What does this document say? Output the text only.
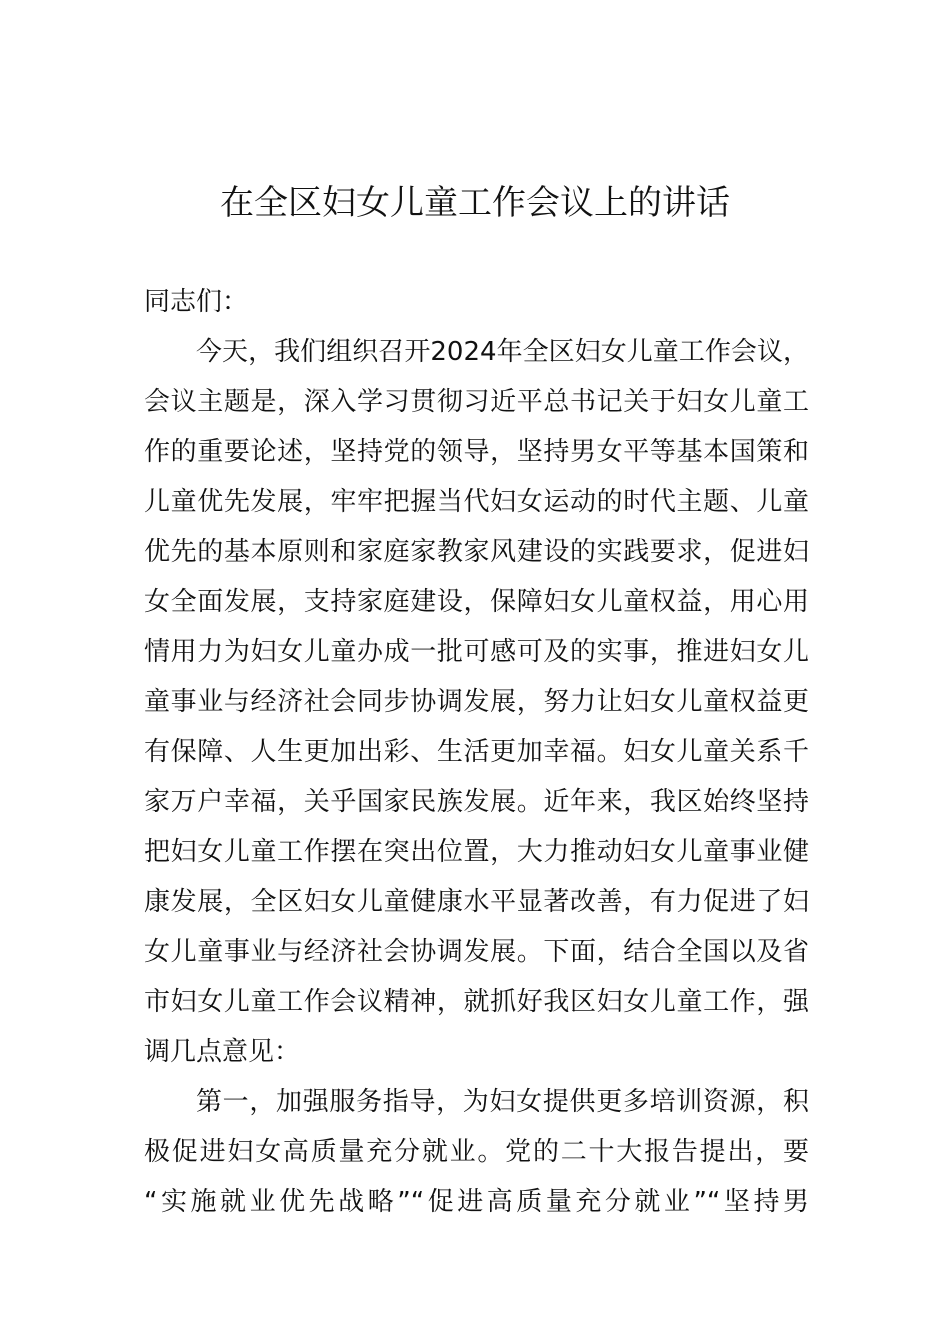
在全区妇女儿童工作会议上的讲话
同志们：
今天，我们组织召开2024年全区妇女儿童工作会议，
会议主题是，深入学习贯彻习近平总书记关于妇女儿童工
作的重要论述，坚持党的领导，坚持男女平等基本国策和
儿童优先发展，牢牢把握当代妇女运动的时代主题、儿童
优先的基本原则和家庭家教家风建设的实践要求，促进妇
女全面发展，支持家庭建设，保障妇女儿童权益，用心用
情用力为妇女儿童办成一批可感可及的实事，推进妇女儿
童事业与经济社会同步协调发展，努力让妇女儿童权益更
有保障、人生更加出彩、生活更加幸福。妇女儿童关系千
家万户幸福，关乎国家民族发展。近年来，我区始终坚持
把妇女儿童工作摆在突出位置，大力推动妇女儿童事业健
康发展，全区妇女儿童健康水平显著改善，有力促进了妇
女儿童事业与经济社会协调发展。下面，结合全国以及省
市妇女儿童工作会议精神，就抓好我区妇女儿童工作，强
调几点意见：
第一，加强服务指导，为妇女提供更多培训资源，积
极促进妇女高质量充分就业。党的二十大报告提出，要
“实施就业优先战略”“促进高质量充分就业”“坚持男
